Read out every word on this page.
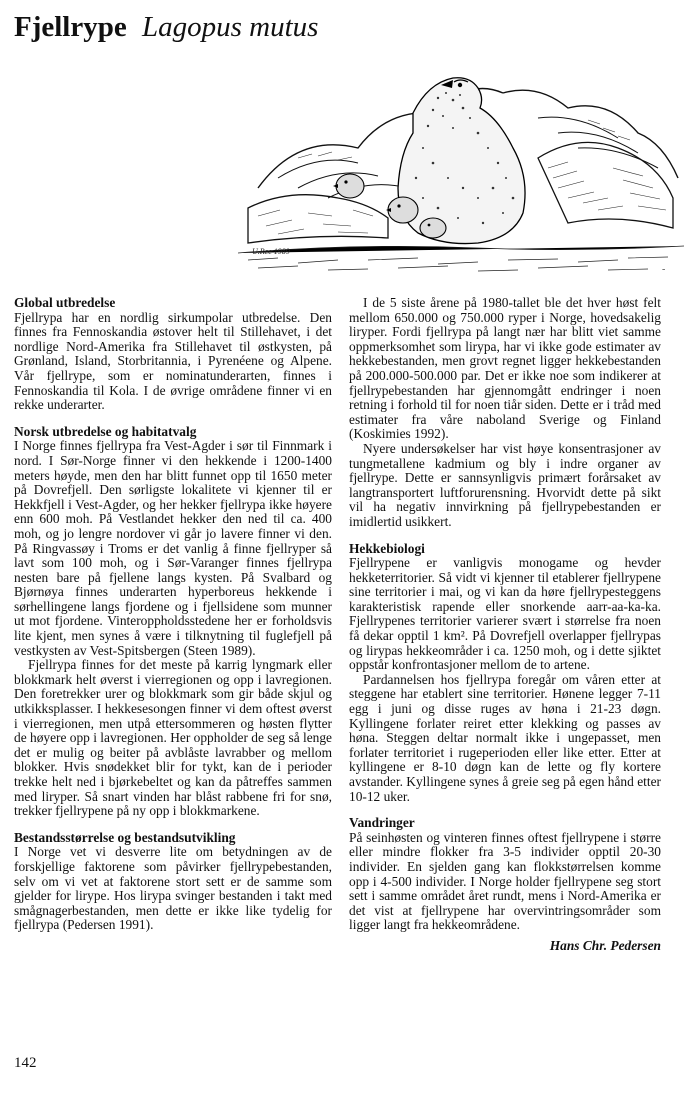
Fjellrype Lagopus mutus
U.Ree 1989
-
Global utbredelse
Fjellrypa har en nordlig sirkumpolar utbredelse. Den finnes fra Fennoskandia østover helt til Stillehavet, i det nordlige Nord-Amerika fra Stillehavet til østkysten, på Grønland, Island, Storbritannia, i Pyrenéene og Alpene. Vår fjellrype, som er nominatunderarten, finnes i Fennoskandia til Kola. I de øvrige områdene finner vi en rekke underarter.
Norsk utbredelse og habitatvalg
I Norge finnes fjellrypa fra Vest-Agder i sør til Finnmark i nord. I Sør-Norge finner vi den hekkende i 1200-1400 meters høyde, men den har blitt funnet opp til 1650 meter på Dovrefjell. Den sørligste lokalitete vi kjenner til er Hekkfjell i Vest-Agder, og her hekker fjellrypa ikke høyere enn 600 moh. På Vestlandet hekker den ned til ca. 400 moh, og jo lengre nordover vi går jo lavere finner vi den. På Ringvassøy i Troms er det vanlig å finne fjellryper så lavt som 100 moh, og i Sør-Varanger finnes fjellrypa nesten bare på fjellene langs kysten. På Svalbard og Bjørnøya finnes underarten hyperboreus hekkende i sørhellingene langs fjordene og i fjellsidene som munner ut mot fjordene. Vinteroppholdsstedene her er forholdsvis lite kjent, men synes å være i tilknytning til fuglefjell på vestkysten av Vest-Spitsbergen (Steen 1989).
Fjellrypa finnes for det meste på karrig lyngmark eller blokkmark helt øverst i vierregionen og opp i lavregionen. Den foretrekker urer og blokkmark som gir både skjul og utkikksplasser. I hekkesesongen finner vi dem oftest øverst i vierregionen, men utpå ettersommeren og høsten flytter de høyere opp i lavregionen. Her oppholder de seg så lenge det er mulig og beiter på avblåste lavrabber og mellom blokker. Hvis snødekket blir for tykt, kan de i perioder trekke helt ned i bjørkebeltet og kan da påtreffes sammen med liryper. Så snart vinden har blåst rabbene fri for snø, trekker fjellrypene på ny opp i blokkmarkene.
Bestandsstørrelse og bestandsutvikling
I Norge vet vi desverre lite om betydningen av de forskjellige faktorene som påvirker fjellrypebestanden, selv om vi vet at faktorene stort sett er de samme som gjelder for lirype. Hos lirypa svinger bestanden i takt med smågnagerbestanden, men dette er ikke like tydelig for fjellrypa (Pedersen 1991).
I de 5 siste årene på 1980-tallet ble det hver høst felt mellom 650.000 og 750.000 ryper i Norge, hovedsakelig liryper. Fordi fjellrypa på langt nær har blitt viet samme oppmerksomhet som lirypa, har vi ikke gode estimater av hekkebestanden, men grovt regnet ligger hekkebestanden på 200.000-500.000 par. Det er ikke noe som indikerer at fjellrypebestanden har gjennomgått endringer i noen retning i forhold til for noen tiår siden. Dette er i tråd med estimater fra våre naboland Sverige og Finland (Koskimies 1992).
Nyere undersøkelser har vist høye konsentrasjoner av tungmetallene kadmium og bly i indre organer av fjellrype. Dette er sannsynligvis primært forårsaket av langtransportert luftforurensning. Hvorvidt dette på sikt vil ha negativ innvirkning på fjellrypebestanden er imidlertid usikkert.
Hekkebiologi
Fjellrypene er vanligvis monogame og hevder hekketerritorier. Så vidt vi kjenner til etablerer fjellrypene sine territorier i mai, og vi kan da høre fjellrypesteggens karakteristisk rapende eller snorkende aarr-aa-ka-ka. Fjellrypenes territorier varierer svært i størrelse fra noen få dekar opptil 1 km². På Dovrefjell overlapper fjellrypas og lirypas hekkeområder i ca. 1250 moh, og i dette sjiktet oppstår konfrontasjoner mellom de to artene.
Pardannelsen hos fjellrypa foregår om våren etter at steggene har etablert sine territorier. Hønene legger 7-11 egg i juni og disse ruges av høna i 21-23 døgn. Kyllingene forlater reiret etter klekking og passes av høna. Steggen deltar normalt ikke i ungepasset, men forlater territoriet i rugeperioden eller like etter. Etter at kyllingene er 8-10 døgn kan de lette og fly kortere avstander. Kyllingene synes å greie seg på egen hånd etter 10-12 uker.
Vandringer
På seinhøsten og vinteren finnes oftest fjellrypene i større eller mindre flokker fra 3-5 individer opptil 20-30 individer. En sjelden gang kan flokkstørrelsen komme opp i 4-500 individer. I Norge holder fjellrypene seg stort sett i samme området året rundt, mens i Nord-Amerika er det vist at fjellrypene har overvintringsområder som ligger langt fra hekkeområdene.
Hans Chr. Pedersen
142
